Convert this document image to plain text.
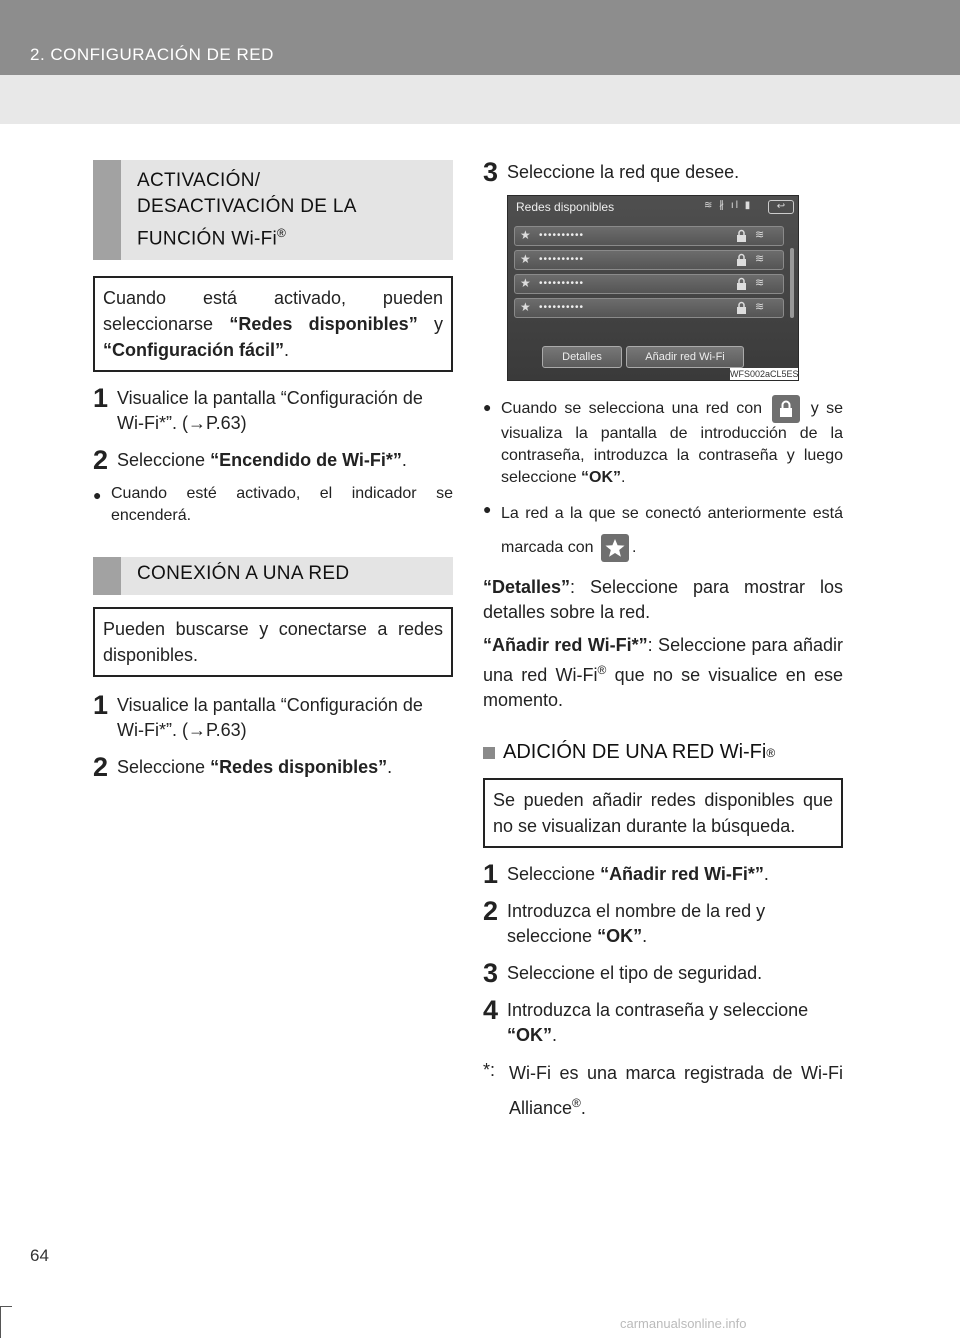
2. CONFIGURACIÓN DE RED
ACTIVACIÓN/
DESACTIVACIÓN DE LA
FUNCIÓN Wi-Fi®
Cuando está activado, pueden seleccionarse “Redes disponibles” y “Configuración fácil”.
1 Visualice la pantalla “Configuración de Wi-Fi*”. (→P.63)
2 Seleccione “Encendido de Wi-Fi*”.
● Cuando esté activado, el indicador se encenderá.
CONEXIÓN A UNA RED
Pueden buscarse y conectarse a redes disponibles.
1 Visualice la pantalla “Configuración de Wi-Fi*”. (→P.63)
2 Seleccione “Redes disponibles”.
3 Seleccione la red que desee.
Redes disponibles	≋ ∦ ıl ▮	↩
★ ••••••••••	≋
★ ••••••••••	≋
★ ••••••••••	≋
★ ••••••••••	≋
Detalles	Añadir red Wi-Fi
WFS002aCL5ES
● Cuando se selecciona una red con
y se visualiza la pantalla de introducción de la contraseña, introduzca la contraseña y luego seleccione “OK”.
● La red a la que se conectó anteriormente está marcada con
.
“Detalles”: Seleccione para mostrar los detalles sobre la red.
“Añadir red Wi-Fi*”: Seleccione para añadir una red Wi-Fi® que no se visualice en ese momento.
ADICIÓN DE UNA RED Wi-Fi ®
Se pueden añadir redes disponibles que no se visualizan durante la búsqueda.
1 Seleccione “Añadir red Wi-Fi*”.
2 Introduzca el nombre de la red y seleccione “OK”.
3 Seleccione el tipo de seguridad.
4 Introduzca la contraseña y seleccione “OK”.
*: Wi-Fi es una marca registrada de Wi-Fi Alliance®.
64
carmanualsonline.info
